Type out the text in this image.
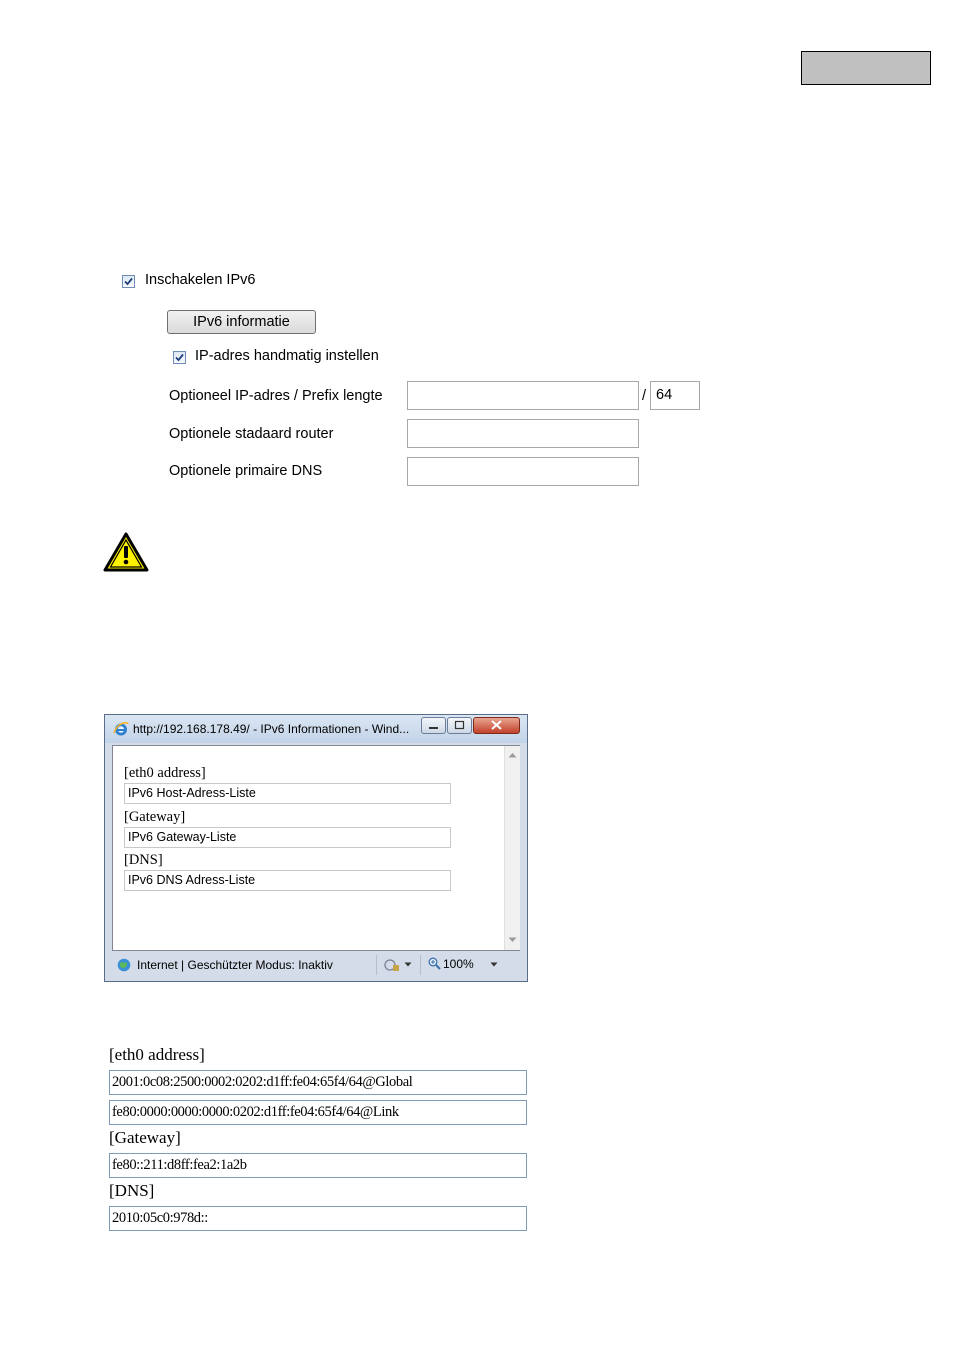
Inschakelen IPv6
IPv6 informatie
IP-adres handmatig instellen
Optioneel IP-adres / Prefix lengte	/ 64
Optionele stadaard router
Optionele primaire DNS
http://192.168.178.49/ - IPv6 Informationen - Wind...
[eth0 address]
IPv6 Host-Adress-Liste
[Gateway]
IPv6 Gateway-Liste
[DNS]
IPv6 DNS Adress-Liste
Internet | Geschützter Modus: Inaktiv	100%
[eth0 address]
2001:0c08:2500:0002:0202:d1ff:fe04:65f4/64@Global
fe80:0000:0000:0000:0202:d1ff:fe04:65f4/64@Link
[Gateway]
fe80::211:d8ff:fea2:1a2b
[DNS]
2010:05c0:978d::
